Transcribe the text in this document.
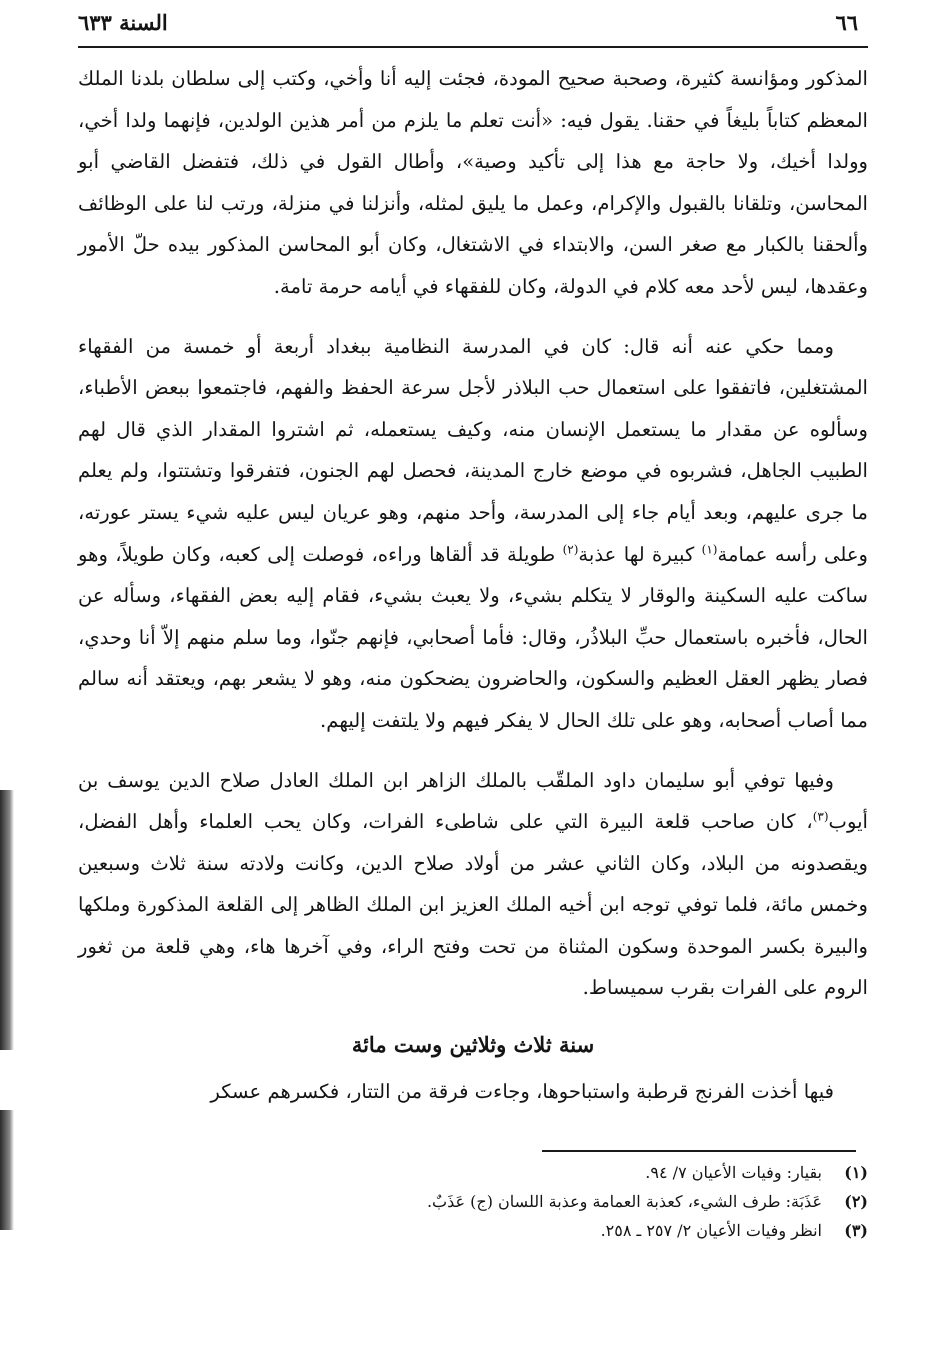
٦٦
السنة ٦٣٣

المذكور ومؤانسة كثيرة، وصحبة صحيح المودة، فجئت إليه أنا وأخي، وكتب إلى سلطان بلدنا الملك المعظم كتاباً بليغاً في حقنا. يقول فيه: «أنت تعلم ما يلزم من أمر هذين الولدين، فإنهما ولدا أخي، وولدا أخيك، ولا حاجة مع هذا إلى تأكيد وصية»، وأطال القول في ذلك، فتفضل القاضي أبو المحاسن، وتلقانا بالقبول والإكرام، وعمل ما يليق لمثله، وأنزلنا في منزلة، ورتب لنا على الوظائف وألحقنا بالكبار مع صغر السن، والابتداء في الاشتغال، وكان أبو المحاسن المذكور بيده حلّ الأمور وعقدها، ليس لأحد معه كلام في الدولة، وكان للفقهاء في أيامه حرمة تامة.

ومما حكي عنه أنه قال: كان في المدرسة النظامية ببغداد أربعة أو خمسة من الفقهاء المشتغلين، فاتفقوا على استعمال حب البلاذر لأجل سرعة الحفظ والفهم، فاجتمعوا ببعض الأطباء، وسألوه عن مقدار ما يستعمل الإنسان منه، وكيف يستعمله، ثم اشتروا المقدار الذي قال لهم الطبيب الجاهل، فشربوه في موضع خارج المدينة، فحصل لهم الجنون، فتفرقوا وتشتتوا، ولم يعلم ما جرى عليهم، وبعد أيام جاء إلى المدرسة، وأحد منهم، وهو عريان ليس عليه شيء يستر عورته، وعلى رأسه عمامة$^{(١)}$ كبيرة لها عذبة$^{(٢)}$ طويلة قد ألقاها وراءه، فوصلت إلى كعبه، وكان طويلاً، وهو ساكت عليه السكينة والوقار لا يتكلم بشيء، ولا يعبث بشيء، فقام إليه بعض الفقهاء، وسأله عن الحال، فأخبره باستعمال حبِّ البلاذُر، وقال: فأما أصحابي، فإنهم جنّوا، وما سلم منهم إلاّ أنا وحدي، فصار يظهر العقل العظيم والسكون، والحاضرون يضحكون منه، وهو لا يشعر بهم، ويعتقد أنه سالم مما أصاب أصحابه، وهو على تلك الحال لا يفكر فيهم ولا يلتفت إليهم.

وفيها توفي أبو سليمان داود الملقّب بالملك الزاهر ابن الملك العادل صلاح الدين يوسف بن أيوب$^{(٣)}$، كان صاحب قلعة البيرة التي على شاطىء الفرات، وكان يحب العلماء وأهل الفضل، ويقصدونه من البلاد، وكان الثاني عشر من أولاد صلاح الدين، وكانت ولادته سنة ثلاث وسبعين وخمس مائة، فلما توفي توجه ابن أخيه الملك العزيز ابن الملك الظاهر إلى القلعة المذكورة وملكها والبيرة بكسر الموحدة وسكون المثناة من تحت وفتح الراء، وفي آخرها هاء، وهي قلعة من ثغور الروم على الفرات بقرب سميساط.

سنة ثلاث وثلاثين وست مائة

فيها أخذت الفرنج قرطبة واستباحوها، وجاءت فرقة من التتار، فكسرهم عسكر

(١)بقيار: وفيات الأعيان ٧/ ٩٤.
(٢)عَذَبَة: طرف الشيء، كعذبة العمامة وعذبة اللسان (ج) عَذَبٌ.
(٣)انظر وفيات الأعيان ٢/ ٢٥٧ ـ ٢٥٨.
